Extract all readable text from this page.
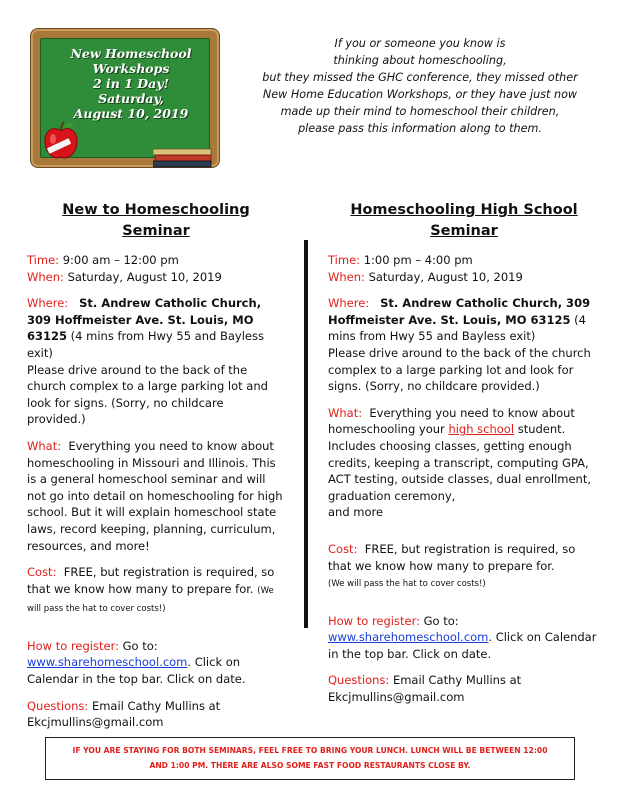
New Homeschool
Workshops
2 in 1 Day!
Saturday,
August 10, 2019
If you or someone you know is
thinking about homeschooling,
but they missed the GHC conference, they missed other
New Home Education Workshops, or they have just now
made up their mind to homeschool their children,
please pass this information along to them.
New to Homeschooling Seminar

Time: 9:00 am – 12:00 pm

When: Saturday, August 10, 2019

Where: St. Andrew Catholic Church, 309 Hoffmeister Ave. St. Louis, MO 63125 (4 mins from Hwy 55 and Bayless exit)

Please drive around to the back of the church complex to a large parking lot and look for signs. (Sorry, no childcare provided.)

What: Everything you need to know about homeschooling in Missouri and Illinois. This is a general homeschool seminar and will not go into detail on homeschooling for high school. But it will explain homeschool state laws, record keeping, planning, curriculum, resources, and more!

Cost: FREE, but registration is required, so that we know how many to prepare for. (We will pass the hat to cover costs!)

How to register: Go to: www.sharehomeschool.com. Click on Calendar in the top bar. Click on date.

Questions: Email Cathy Mullins at Ekcjmullins@gmail.com

Homeschooling High School Seminar

Time: 1:00 pm – 4:00 pm

When: Saturday, August 10, 2019

Where: St. Andrew Catholic Church, 309 Hoffmeister Ave. St. Louis, MO 63125 (4 mins from Hwy 55 and Bayless exit)

Please drive around to the back of the church complex to a large parking lot and look for signs. (Sorry, no childcare provided.)

What: Everything you need to know about homeschooling your high school student. Includes choosing classes, getting enough credits, keeping a transcript, computing GPA, ACT testing, outside classes, dual enrollment, graduation ceremony,
and more

Cost: FREE, but registration is required, so that we know how many to prepare for.
(We will pass the hat to cover costs!)

How to register: Go to: www.sharehomeschool.com. Click on Calendar in the top bar. Click on date.

Questions: Email Cathy Mullins at Ekcjmullins@gmail.com

IF YOU ARE STAYING FOR BOTH SEMINARS, FEEL FREE TO BRING YOUR LUNCH. LUNCH WILL BE BETWEEN 12:00
AND 1:00 PM. THERE ARE ALSO SOME FAST FOOD RESTAURANTS CLOSE BY.
